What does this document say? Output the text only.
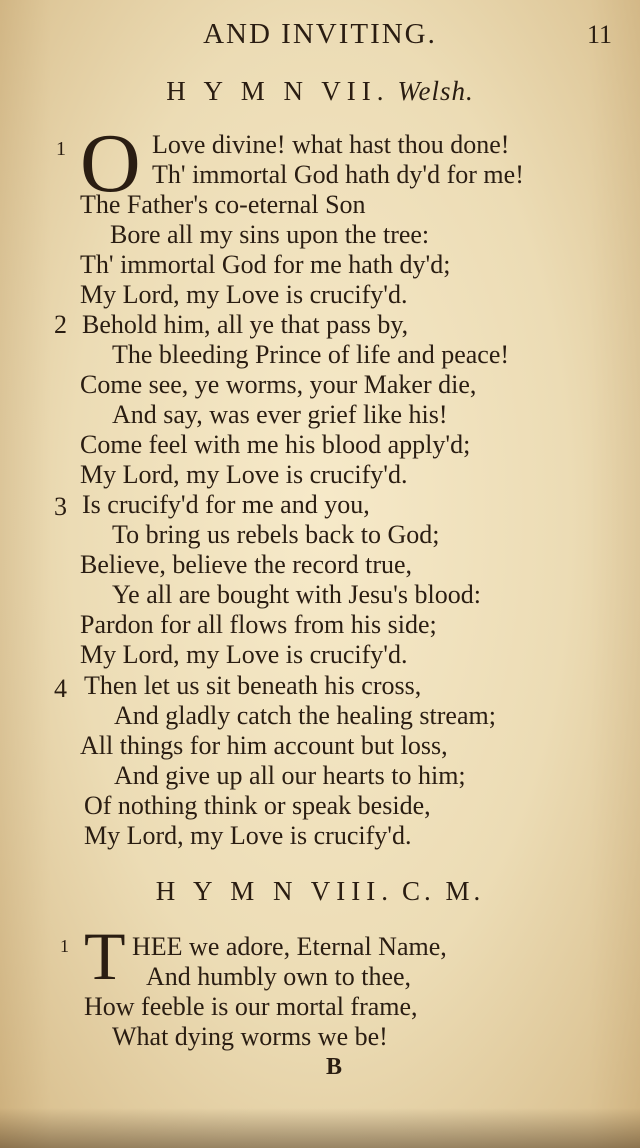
AND INVITING.	11
H Y M N VII. Welsh.
1 O Love divine! what hast thou done!
Th' immortal God hath dy'd for me!
The Father's co-eternal Son
Bore all my sins upon the tree:
Th' immortal God for me hath dy'd;
My Lord, my Love is crucify'd.
2 Behold him, all ye that pass by,
The bleeding Prince of life and peace!
Come see, ye worms, your Maker die,
And say, was ever grief like his!
Come feel with me his blood apply'd;
My Lord, my Love is crucify'd.
3 Is crucify'd for me and you,
To bring us rebels back to God;
Believe, believe the record true,
Ye all are bought with Jesu's blood:
Pardon for all flows from his side;
My Lord, my Love is crucify'd.
4 Then let us sit beneath his cross,
And gladly catch the healing stream;
All things for him account but loss,
And give up all our hearts to him;
Of nothing think or speak beside,
My Lord, my Love is crucify'd.
H Y M N VIII. C. M.
1 T HEE we adore, Eternal Name,
And humbly own to thee,
How feeble is our mortal frame,
What dying worms we be!
B
